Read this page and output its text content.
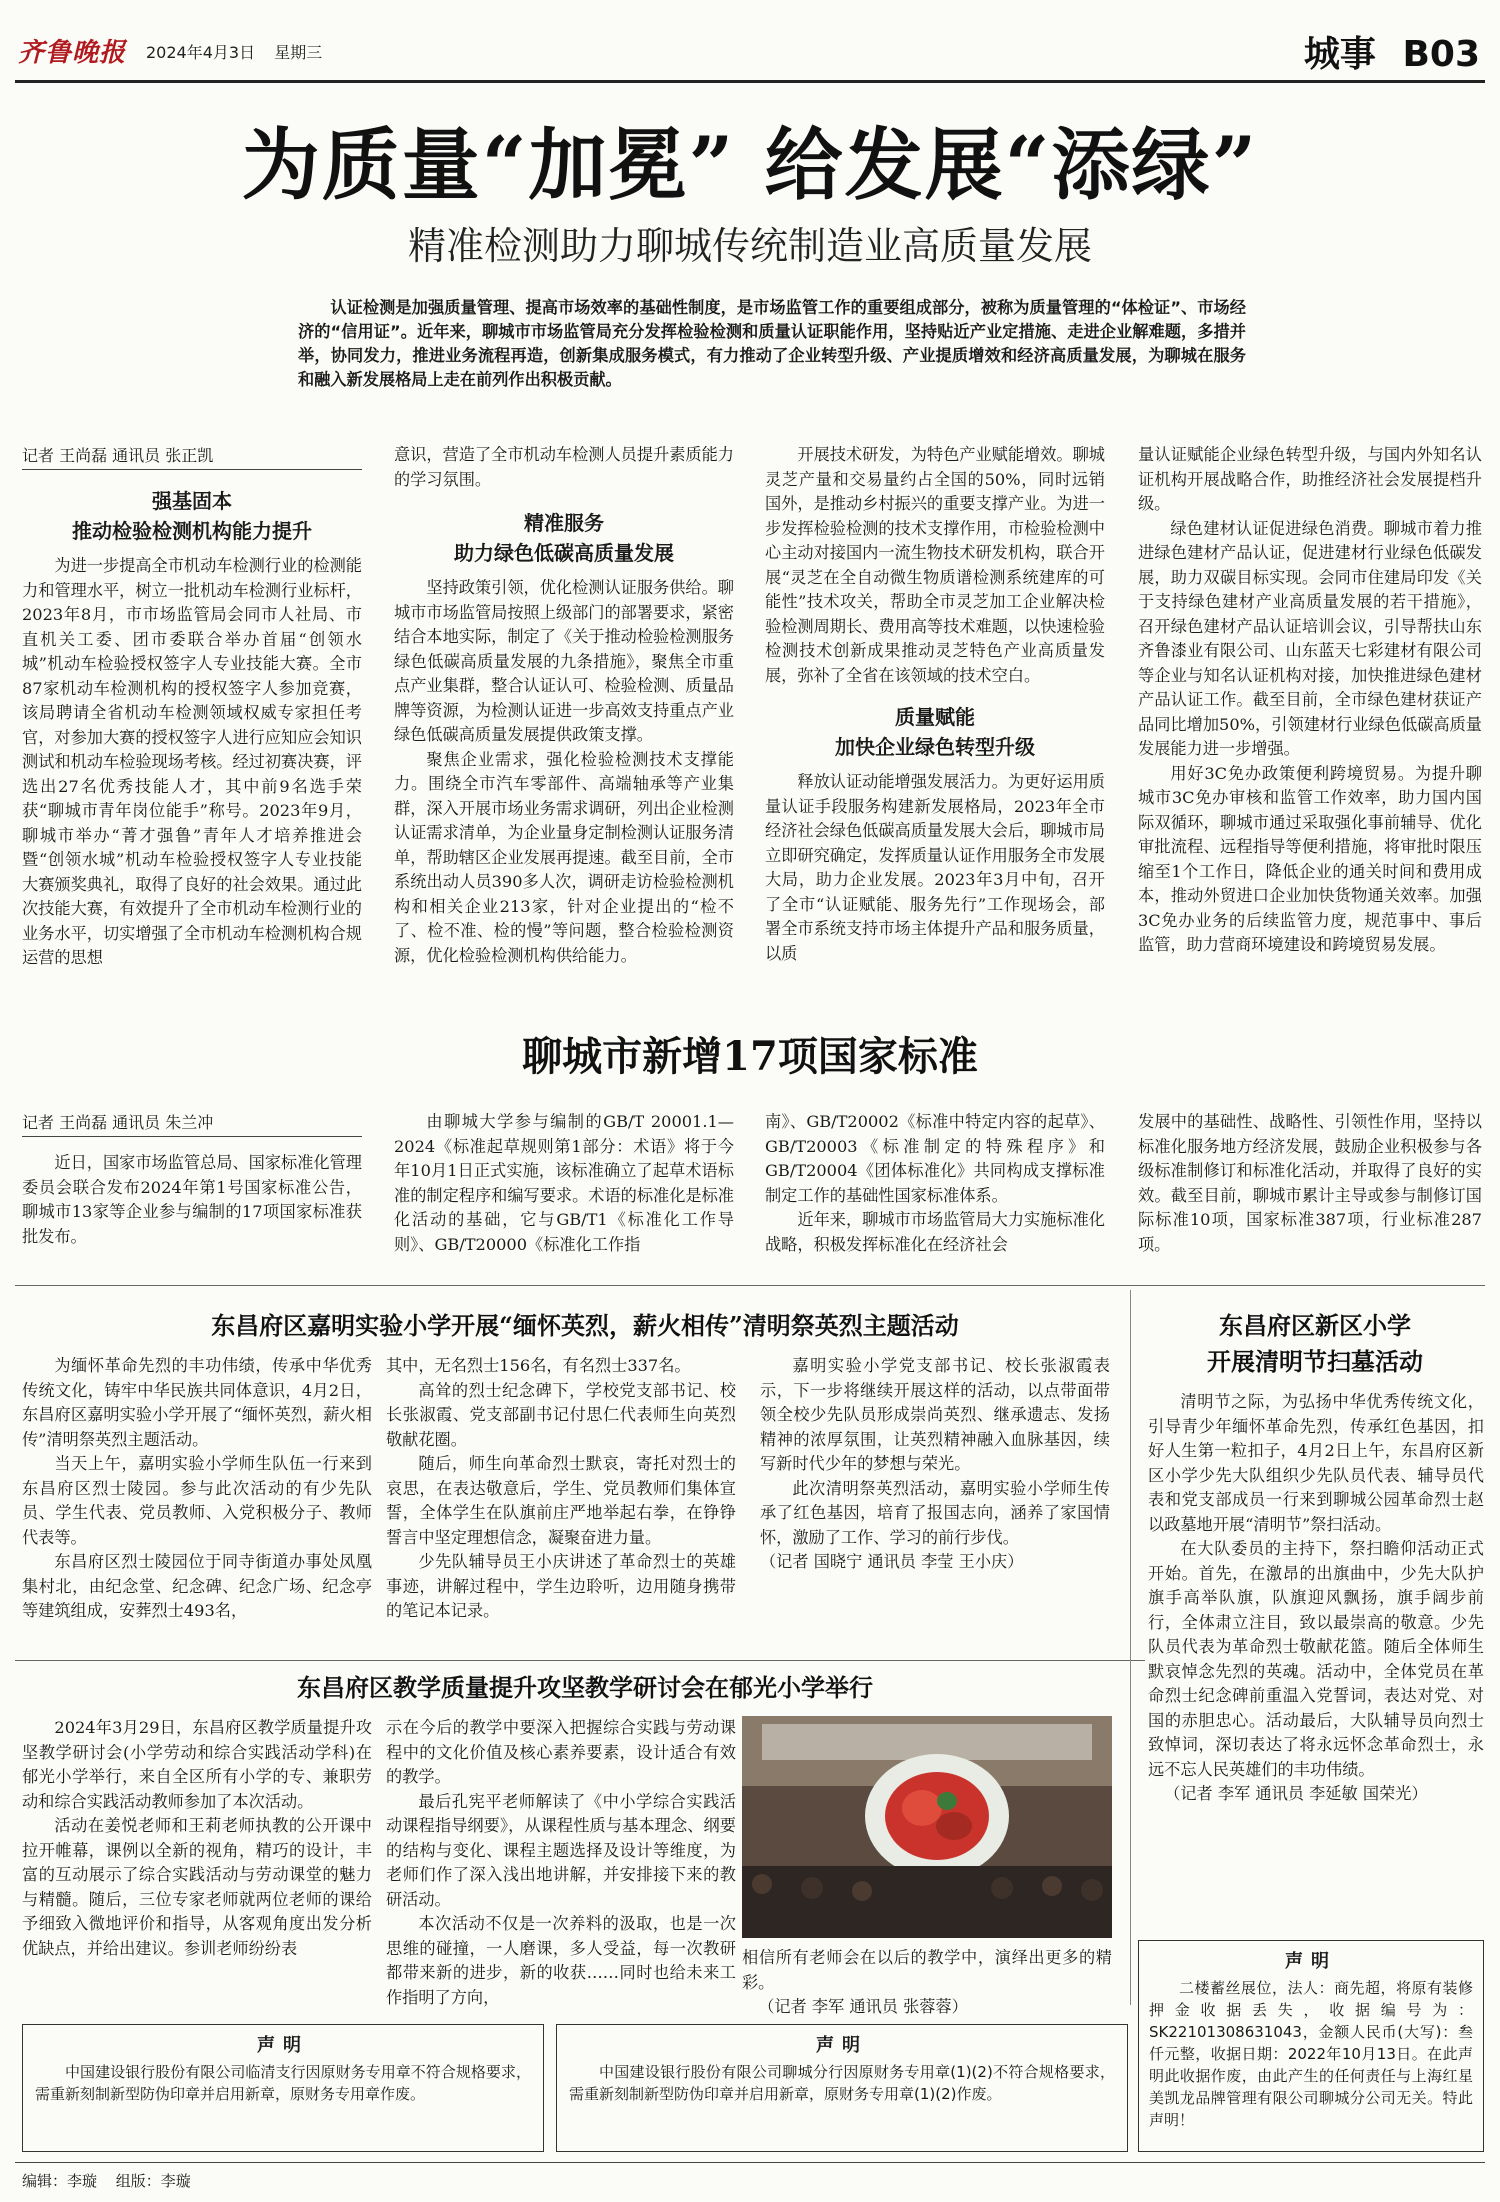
齐鲁晚报 2024年4月3日 星期三	城事 B03
为质量“加冕” 给发展“添绿”
精准检测助力聊城传统制造业高质量发展

认证检测是加强质量管理、提高市场效率的基础性制度，是市场监管工作的重要组成部分，被称为质量管理的“体检证”、市场经济的“信用证”。近年来，聊城市市场监管局充分发挥检验检测和质量认证职能作用，坚持贴近产业定措施、走进企业解难题，多措并举，协同发力，推进业务流程再造，创新集成服务模式，有力推动了企业转型升级、产业提质增效和经济高质量发展，为聊城在服务和融入新发展格局上走在前列作出积极贡献。

记者 王尚磊 通讯员 张正凯
强基固本
推动检验检测机构能力提升

为进一步提高全市机动车检测行业的检测能力和管理水平，树立一批机动车检测行业标杆，2023年8月，市市场监管局会同市人社局、市直机关工委、团市委联合举办首届“创领水城”机动车检验授权签字人专业技能大赛。全市87家机动车检测机构的授权签字人参加竞赛，该局聘请全省机动车检测领域权威专家担任考官，对参加大赛的授权签字人进行应知应会知识测试和机动车检验现场考核。经过初赛决赛，评选出27名优秀技能人才，其中前9名选手荣获“聊城市青年岗位能手”称号。2023年9月，聊城市举办“菁才强鲁”青年人才培养推进会暨“创领水城”机动车检验授权签字人专业技能大赛颁奖典礼，取得了良好的社会效果。通过此次技能大赛，有效提升了全市机动车检测行业的业务水平，切实增强了全市机动车检测机构合规运营的思想

意识，营造了全市机动车检测人员提升素质能力的学习氛围。

精准服务
助力绿色低碳高质量发展

坚持政策引领，优化检测认证服务供给。聊城市市场监管局按照上级部门的部署要求，紧密结合本地实际，制定了《关于推动检验检测服务绿色低碳高质量发展的九条措施》，聚焦全市重点产业集群，整合认证认可、检验检测、质量品牌等资源，为检测认证进一步高效支持重点产业绿色低碳高质量发展提供政策支撑。

聚焦企业需求，强化检验检测技术支撑能力。围绕全市汽车零部件、高端轴承等产业集群，深入开展市场业务需求调研，列出企业检测认证需求清单，为企业量身定制检测认证服务清单，帮助辖区企业发展再提速。截至目前，全市系统出动人员390多人次，调研走访检验检测机构和相关企业213家，针对企业提出的“检不了、检不准、检的慢”等问题，整合检验检测资源，优化检验检测机构供给能力。

开展技术研发，为特色产业赋能增效。聊城灵芝产量和交易量约占全国的50%，同时远销国外，是推动乡村振兴的重要支撑产业。为进一步发挥检验检测的技术支撑作用，市检验检测中心主动对接国内一流生物技术研发机构，联合开展“灵芝在全自动微生物质谱检测系统建库的可能性”技术攻关，帮助全市灵芝加工企业解决检验检测周期长、费用高等技术难题，以快速检验检测技术创新成果推动灵芝特色产业高质量发展，弥补了全省在该领域的技术空白。

质量赋能
加快企业绿色转型升级

释放认证动能增强发展活力。为更好运用质量认证手段服务构建新发展格局，2023年全市经济社会绿色低碳高质量发展大会后，聊城市局立即研究确定，发挥质量认证作用服务全市发展大局，助力企业发展。2023年3月中旬，召开了全市“认证赋能、服务先行”工作现场会，部署全市系统支持市场主体提升产品和服务质量，以质

量认证赋能企业绿色转型升级，与国内外知名认证机构开展战略合作，助推经济社会发展提档升级。

绿色建材认证促进绿色消费。聊城市着力推进绿色建材产品认证，促进建材行业绿色低碳发展，助力双碳目标实现。会同市住建局印发《关于支持绿色建材产业高质量发展的若干措施》，召开绿色建材产品认证培训会议，引导帮扶山东齐鲁漆业有限公司、山东蓝天七彩建材有限公司等企业与知名认证机构对接，加快推进绿色建材产品认证工作。截至目前，全市绿色建材获证产品同比增加50%，引领建材行业绿色低碳高质量发展能力进一步增强。

用好3C免办政策便利跨境贸易。为提升聊城市3C免办审核和监管工作效率，助力国内国际双循环，聊城市通过采取强化事前辅导、优化审批流程、远程指导等便利措施，将审批时限压缩至1个工作日，降低企业的通关时间和费用成本，推动外贸进口企业加快货物通关效率。加强3C免办业务的后续监管力度，规范事中、事后监管，助力营商环境建设和跨境贸易发展。

聊城市新增17项国家标准
记者 王尚磊 通讯员 朱兰冲

近日，国家市场监管总局、国家标准化管理委员会联合发布2024年第1号国家标准公告，聊城市13家等企业参与编制的17项国家标准获批发布。

由聊城大学参与编制的GB/T 20001.1—2024《标准起草规则第1部分：术语》将于今年10月1日正式实施，该标准确立了起草术语标准的制定程序和编写要求。术语的标准化是标准化活动的基础，它与GB/T1《标准化工作导则》、GB/T20000《标准化工作指

南》、GB/T20002《标准中特定内容的起草》、GB/T20003《标准制定的特殊程序》和GB/T20004《团体标准化》共同构成支撑标准制定工作的基础性国家标准体系。

近年来，聊城市市场监管局大力实施标准化战略，积极发挥标准化在经济社会

发展中的基础性、战略性、引领性作用，坚持以标准化服务地方经济发展，鼓励企业积极参与各级标准制修订和标准化活动，并取得了良好的实效。截至目前，聊城市累计主导或参与制修订国际标准10项，国家标准387项，行业标准287项。

东昌府区嘉明实验小学开展“缅怀英烈，薪火相传”清明祭英烈主题活动

为缅怀革命先烈的丰功伟绩，传承中华优秀传统文化，铸牢中华民族共同体意识，4月2日，东昌府区嘉明实验小学开展了“缅怀英烈，薪火相传”清明祭英烈主题活动。

当天上午，嘉明实验小学师生队伍一行来到东昌府区烈士陵园。参与此次活动的有少先队员、学生代表、党员教师、入党积极分子、教师代表等。

东昌府区烈士陵园位于同寺街道办事处凤凰集村北，由纪念堂、纪念碑、纪念广场、纪念亭等建筑组成，安葬烈士493名，

其中，无名烈士156名，有名烈士337名。

高耸的烈士纪念碑下，学校党支部书记、校长张淑霞、党支部副书记付思仁代表师生向英烈敬献花圈。

随后，师生向革命烈士默哀，寄托对烈士的哀思，在表达敬意后，学生、党员教师们集体宣誓，全体学生在队旗前庄严地举起右拳，在铮铮誓言中坚定理想信念，凝聚奋进力量。

少先队辅导员王小庆讲述了革命烈士的英雄事迹，讲解过程中，学生边聆听，边用随身携带的笔记本记录。

嘉明实验小学党支部书记、校长张淑霞表示，下一步将继续开展这样的活动，以点带面带领全校少先队员形成崇尚英烈、继承遗志、发扬精神的浓厚氛围，让英烈精神融入血脉基因，续写新时代少年的梦想与荣光。

此次清明祭英烈活动，嘉明实验小学师生传承了红色基因，培育了报国志向，涵养了家国情怀，激励了工作、学习的前行步伐。

（记者 国晓宁 通讯员 李莹 王小庆）

东昌府区教学质量提升攻坚教学研讨会在郁光小学举行

2024年3月29日，东昌府区教学质量提升攻坚教学研讨会(小学劳动和综合实践活动学科)在郁光小学举行，来自全区所有小学的专、兼职劳动和综合实践活动教师参加了本次活动。

活动在姜悦老师和王莉老师执教的公开课中拉开帷幕，课例以全新的视角，精巧的设计，丰富的互动展示了综合实践活动与劳动课堂的魅力与精髓。随后，三位专家老师就两位老师的课给予细致入微地评价和指导，从客观角度出发分析优缺点，并给出建议。参训老师纷纷表

示在今后的教学中要深入把握综合实践与劳动课程中的文化价值及核心素养要素，设计适合有效的教学。

最后孔宪平老师解读了《中小学综合实践活动课程指导纲要》，从课程性质与基本理念、纲要的结构与变化、课程主题选择及设计等维度，为老师们作了深入浅出地讲解，并安排接下来的教研活动。

本次活动不仅是一次养料的汲取，也是一次思维的碰撞，一人磨课，多人受益，每一次教研都带来新的进步，新的收获……同时也给未来工作指明了方向，

相信所有老师会在以后的教学中，演绎出更多的精彩。

（记者 李军 通讯员 张蓉蓉）

东昌府区新区小学
开展清明节扫墓活动

清明节之际，为弘扬中华优秀传统文化，引导青少年缅怀革命先烈，传承红色基因，扣好人生第一粒扣子，4月2日上午，东昌府区新区小学少先大队组织少先队员代表、辅导员代表和党支部成员一行来到聊城公园革命烈士赵以政墓地开展“清明节”祭扫活动。

在大队委员的主持下，祭扫瞻仰活动正式开始。首先，在激昂的出旗曲中，少先大队护旗手高举队旗，队旗迎风飘扬，旗手阔步前行，全体肃立注目，致以最崇高的敬意。少先队员代表为革命烈士敬献花篮。随后全体师生默哀悼念先烈的英魂。活动中，全体党员在革命烈士纪念碑前重温入党誓词，表达对党、对国的赤胆忠心。活动最后，大队辅导员向烈士致悼词，深切表达了将永远怀念革命烈士，永远不忘人民英雄们的丰功伟绩。

（记者 李军 通讯员 李延敏 国荣光）

声明

二楼蓄丝展位，法人：商先超，将原有装修押金收据丢失，收据编号为：SK2210130863104​3，金额人民币(大写)：叁仟元整，收据日期：2022年10月13日。在此声明此收据作废，由此产生的任何责任与上海红星美凯龙品牌管理有限公司聊城分公司无关。特此声明！

声明

中国建设银行股份有限公司临清支行因原财务专用章不符合规格要求，需重新刻制新型防伪印章并启用新章，原财务专用章作废。

声明

中国建设银行股份有限公司聊城分行因原财务专用章(1)(2)不符合规格要求，需重新刻制新型防伪印章并启用新章，原财务专用章(1)(2)作废。

编辑：李璇 组版：李璇
